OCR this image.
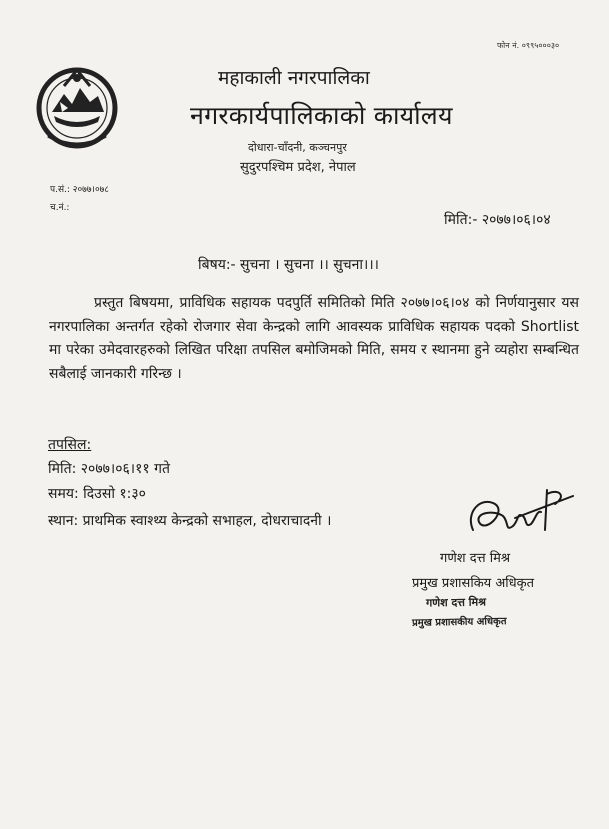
फोन नं. ०९९५०००३०
महाकाली नगरपालिका
नगरकार्यपालिकाको कार्यालय
दोधारा-चाँदनी, कञ्चनपुर
सुदुरपश्चिम प्रदेश, नेपाल
प.सं.: २०७७।०७८
च.नं.:
मिति:- २०७७।०६।०४
बिषय:- सुचना । सुचना ।। सुचना।।।
प्रस्तुत बिषयमा, प्राविधिक सहायक पदपुर्ति समितिको मिति २०७७।०६।०४ को निर्णयानुसार यस नगरपालिका अन्तर्गत रहेको रोजगार सेवा केन्द्रको लागि आवस्यक प्राविधिक सहायक पदको Shortlist मा परेका उमेदवारहरुको लिखित परिक्षा तपसिल बमोजिमको मिति, समय र स्थानमा हुने व्यहोरा सम्बन्धित सबैलाई जानकारी गरिन्छ ।
तपसिल:
मिति: २०७७।०६।११ गते
समय: दिउसो १:३०
स्थान: प्राथमिक स्वाश्थ्य केन्द्रको सभाहल, दोधराचादनी ।
गणेश दत्त मिश्र
प्रमुख प्रशासकिय अधिकृत
गणेश दत्त मिश्र
प्रमुख प्रशासकीय अधिकृत
